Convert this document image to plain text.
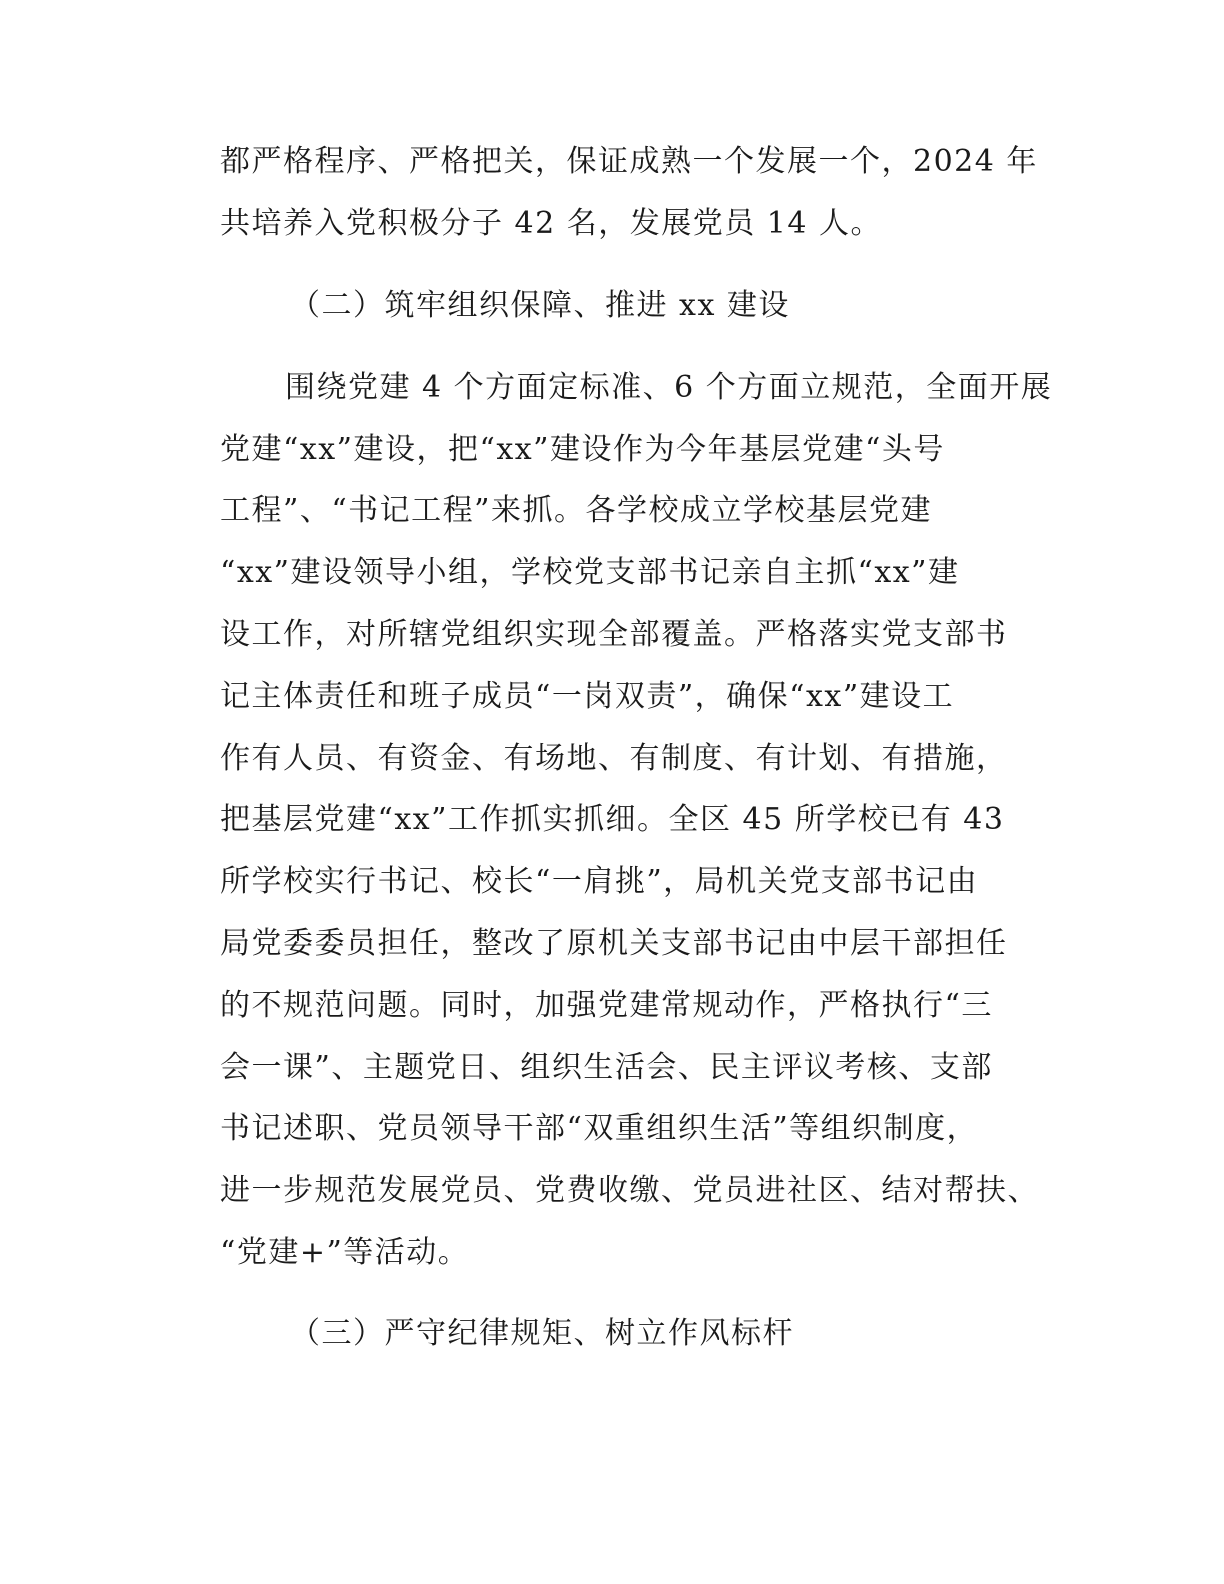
都严格程序、严格把关，保证成熟一个发展一个，2024 年
共培养入党积极分子 42 名，发展党员 14 人。
（二）筑牢组织保障、推进 xx 建设
围绕党建 4 个方面定标准、6 个方面立规范，全面开展
党建“xx”建设，把“xx”建设作为今年基层党建“头号
工程”、“书记工程”来抓。各学校成立学校基层党建
“xx”建设领导小组，学校党支部书记亲自主抓“xx”建
设工作，对所辖党组织实现全部覆盖。严格落实党支部书
记主体责任和班子成员“一岗双责”，确保“xx”建设工
作有人员、有资金、有场地、有制度、有计划、有措施，
把基层党建“xx”工作抓实抓细。全区 45 所学校已有 43
所学校实行书记、校长“一肩挑”，局机关党支部书记由
局党委委员担任，整改了原机关支部书记由中层干部担任
的不规范问题。同时，加强党建常规动作，严格执行“三
会一课”、主题党日、组织生活会、民主评议考核、支部
书记述职、党员领导干部“双重组织生活”等组织制度，
进一步规范发展党员、党费收缴、党员进社区、结对帮扶、
“党建+”等活动。
（三）严守纪律规矩、树立作风标杆
